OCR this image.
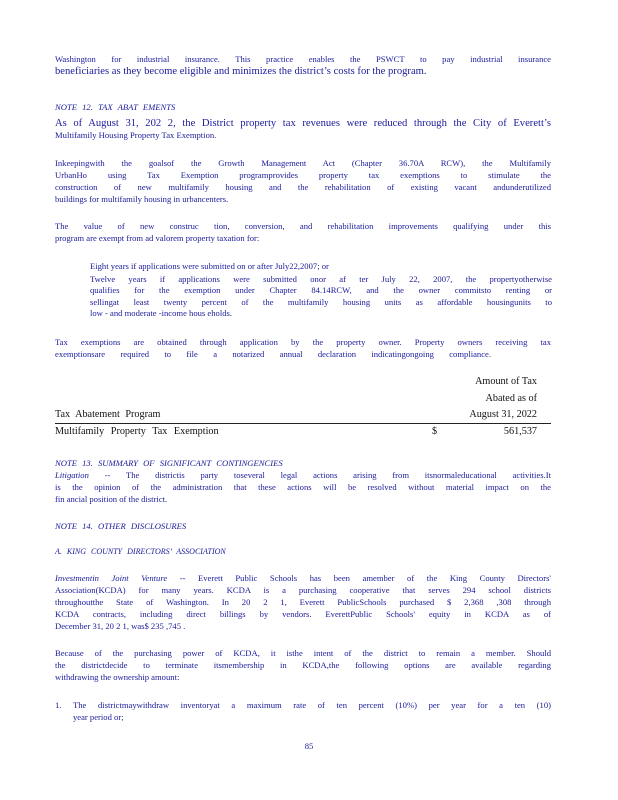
Washington for industrial insurance. This practice enables the PSWCT to pay industrial insurance
beneficiaries as they become eligible and minimizes the district’s costs for the program.
NOTE 12. TAX ABAT EMENTS
As of August 31, 202 2, the District property tax revenues were reduced through the City of Everett’s
Multifamily Housing Property Tax Exemption.
Inkeepingwith the goalsof the Growth Management Act (Chapter 36.70A RCW), the Multifamily
UrbanHo using Tax Exemption programprovides property tax exemptions to stimulate the
construction of new multifamily housing and the rehabilitation of existing vacant andunderutilized
buildings for multifamily housing in urbancenters.
The value of new construc tion, conversion, and rehabilitation improvements qualifying under this
program are exempt from ad valorem property taxation for:
Eight years if applications were submitted on or after July22,2007; or
Twelve years if applications were submitted onor af ter July 22, 2007, the propertyotherwise
qualifies for the exemption under Chapter 84.14RCW, and the owner commitsto renting or
sellingat least twenty percent of the multifamily housing units as affordable housingunits to
low - and moderate -income hous eholds.
Tax exemptions are obtained through application by the property owner. Property owners receiving tax
exemptionsare required to file a notarized annual declaration indicatingongoing compliance.
Amount of Tax
Abated as of
August 31, 2022
Tax Abatement Program
Multifamily Property Tax Exemption	$	561,537
NOTE 13. SUMMARY OF SIGNIFICANT CONTINGENCIES
Litigation -- The districtis party toseveral legal actions arising from itsnormaleducational activities.It
is the opinion of the administration that these actions will be resolved without material impact on the
fin ancial position of the district.
NOTE 14. OTHER DISCLOSURES
A. KING COUNTY DIRECTORS’ ASSOCIATION
Investmentin Joint Venture -- Everett Public Schools has been amember of the King County Directors'
Association(KCDA) for many years. KCDA is a purchasing cooperative that serves 294 school districts
throughoutthe State of Washington. In 20 2 1, Everett PublicSchools purchased $ 2,368 ,308 through
KCDA contracts, including direct billings by vendors. EverettPublic Schools' equity in KCDA as of
December 31, 20 2 1, was$ 235 ,745 .
Because of the purchasing power of KCDA, it isthe intent of the district to remain a member. Should
the districtdecide to terminate itsmembership in KCDA,the following options are available regarding
withdrawing the ownership amount:
1. The districtmaywithdraw inventoryat a maximum rate of ten percent (10%) per year for a ten (10)
year period or;
85
